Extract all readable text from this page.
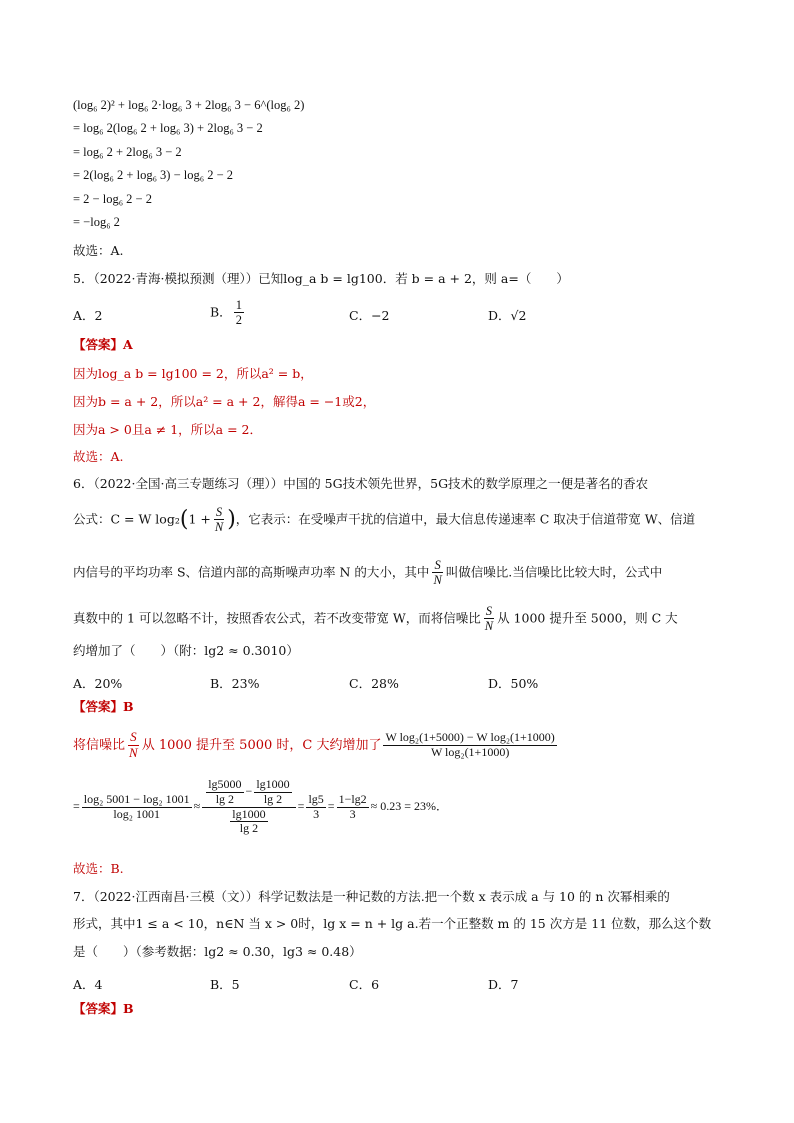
(log₆ 2)² + log₆ 2·log₆ 3 + 2log₆ 3 − 6^(log₆ 2)
= log₆ 2(log₆ 2 + log₆ 3) + 2log₆ 3 − 2
= log₆ 2 + 2log₆ 3 − 2
= 2(log₆ 2 + log₆ 3) − log₆ 2 − 2
= 2 − log₆ 2 − 2
= −log₆ 2
故选：A.
5．（2022·青海·模拟预测（理））已知log_a b = lg100．若 b = a + 2，则 a=（　　）
A．2	B． $\frac{1}{2}$	C．−2	D．√2
【答案】A
因为log_a b = lg100 = 2，所以a² = b，
因为b = a + 2，所以a² = a + 2，解得a = −1或2，
因为a > 0且a ≠ 1，所以a = 2．
故选：A.
6．（2022·全国·高三专题练习（理））中国的 5G技术领先世界，5G技术的数学原理之一便是著名的香农
公式：C = W $\log_2(1 + \frac{S}{N}$ )，它表示：在受噪声干扰的信道中，最大信息传递速率 C 取决于信道带宽 W、信道
内信号的平均功率 S、信道内部的高斯噪声功率 N 的大小，其中 $\frac{S}{N}$ 叫做信噪比.当信噪比比较大时，公式中
真数中的 1 可以忽略不计，按照香农公式，若不改变带宽 W，而将信噪比 $\frac{S}{N}$ 从 1000 提升至 5000，则 C 大
约增加了（　　）（附：lg2 ≈ 0.3010）
A．20%	B．23%	C．28%	D．50%
【答案】B
将信噪比 $\frac{S}{N}$ 从 1000 提升至 5000 时，C 大约增加了 $\frac{\text{W log₂(1+5000) − W log₂(1+1000)}}{\text{W log₂(1+1000)}}$
= $\frac{\text{log₂ 5001 − log₂ 1001}}{\text{log₂ 1001}} \approx \frac{\frac{\lg 5000}{\lg 2} - \frac{\lg 1000}{\lg 2}}{\frac{\lg 1000}{\lg 2}} = \frac{\lg 5}{3} = \frac{1-\lg 2}{3} \approx 0.23 = 23\%$．
故选：B.
7．（2022·江西南昌·三模（文））科学记数法是一种记数的方法.把一个数 x 表示成 a 与 10 的 n 次幂相乘的
形式，其中1 ≤ a < 10，n∈N 当 x > 0时，lg x = n + lg a.若一个正整数 m 的 15 次方是 11 位数，那么这个数
是（　　）（参考数据：lg2 ≈ 0.30，lg3 ≈ 0.48）
A．4	B．5	C．6	D．7
【答案】B
